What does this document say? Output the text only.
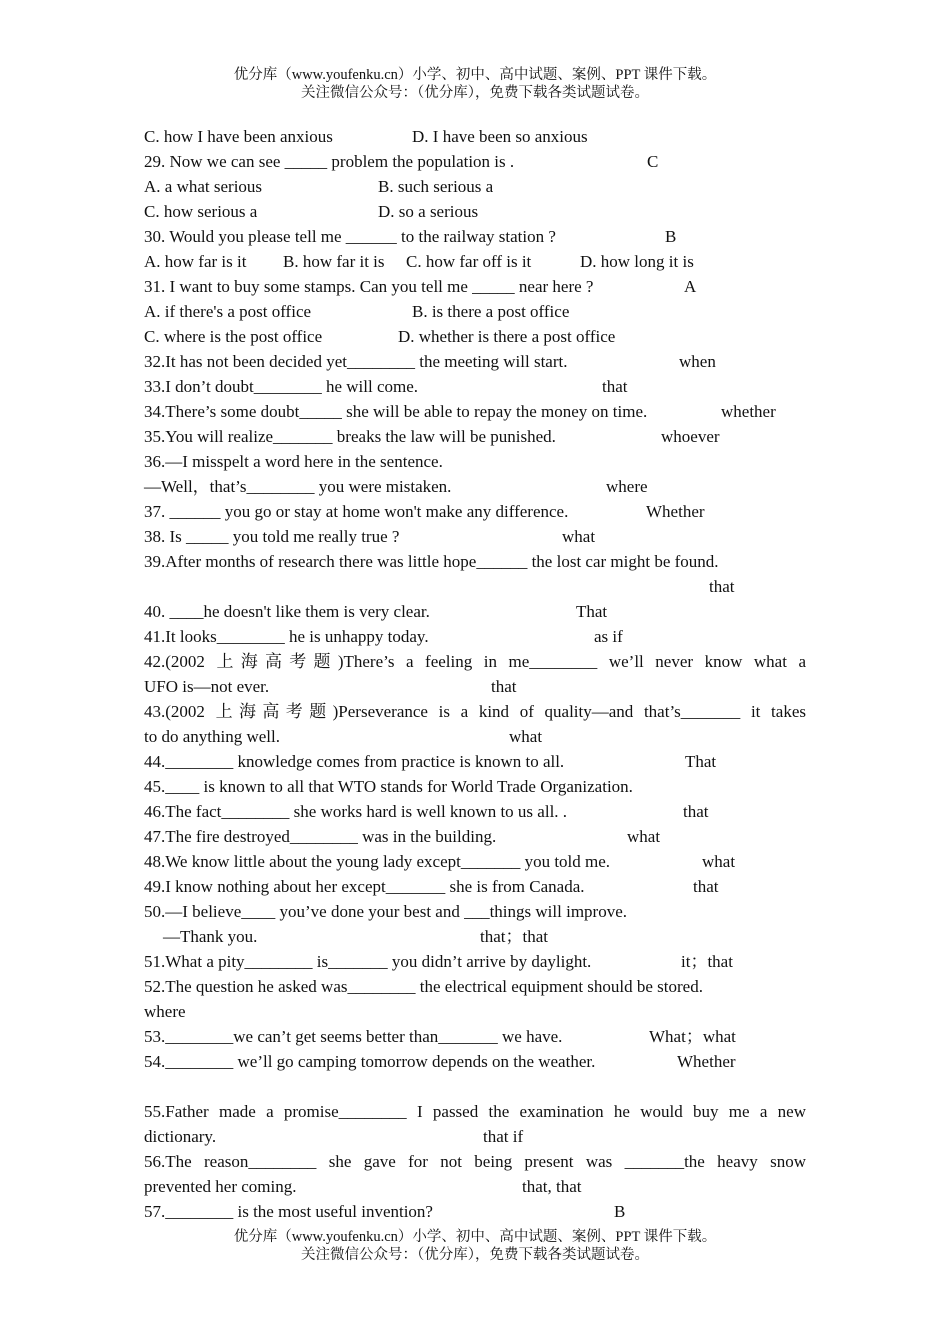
优分库（www.youfenku.cn）小学、初中、高中试题、案例、PPT 课件下载。
关注微信公众号：（优分库），免费下载各类试题试卷。

C. how I have been anxious

	D. I have been so anxious

29. Now we can see _____ problem the population is .

	C

A. a what serious

	B. such serious a

C. how serious a

	D. so a serious

30. Would you please tell me ______ to the railway station ?

	B

A. how far is it

B. how far it is

C. how far off is it

	D. how long it is

31. I want to buy some stamps. Can you tell me _____ near here ?

	A

A. if there's a post office

	B. is there a post office

C. where is the post office

	D. whether is there a post office

32.It has not been decided yet________ the meeting will start.

	when

33.I don’t doubt________ he will come.

	that

34.There’s some doubt_____ she will be able to repay the money on time.

	whether

35.You will realize_______ breaks the law will be punished.

	whoever

36.—I misspelt a word here in the sentence.

—Well，that’s________ you were mistaken.

	where

37. ______ you go or stay at home won't make any difference.

	Whether

38. Is _____ you told me really true ?

	what

39.After months of research there was little hope______ the lost car might be found.

that

40. ____he doesn't like them is very clear.

	That

41.It looks________ he is unhappy today.

	as if

42.(2002 上海高考题)There’s a feeling in me________ we’ll never know what a

UFO is—not ever.

	that

43.(2002 上海高考题)Perseverance is a kind of quality—and that’s_______ it takes

to do anything well.

	what

44.________ knowledge comes from practice is known to all.

	That

45.____ is known to all that WTO stands for World Trade Organization.

46.The fact________ she works hard is well known to us all. .

	that

47.The fire destroyed________ was in the building.

	what

48.We know little about the young lady except_______ you told me.

	what

49.I know nothing about her except_______ she is from Canada.

	that

50.—I believe____ you’ve done your best and ___things will improve.

—Thank you.

	that；that

51.What a pity________ is_______ you didn’t arrive by daylight.

	it；that

52.The question he asked was________ the electrical equipment should be stored.

where

53.________we can’t get seems better than_______ we have.

	What；what

54.________ we’ll go camping tomorrow depends on the weather.

	Whether

55.Father made a promise________ I passed the examination he would buy me a new

dictionary.

	that if

56.The reason________ she gave for not being present was _______the heavy snow

prevented her coming.

	that, that

57.________ is the most useful invention?

	B

优分库（www.youfenku.cn）小学、初中、高中试题、案例、PPT 课件下载。
关注微信公众号：（优分库），免费下载各类试题试卷。
